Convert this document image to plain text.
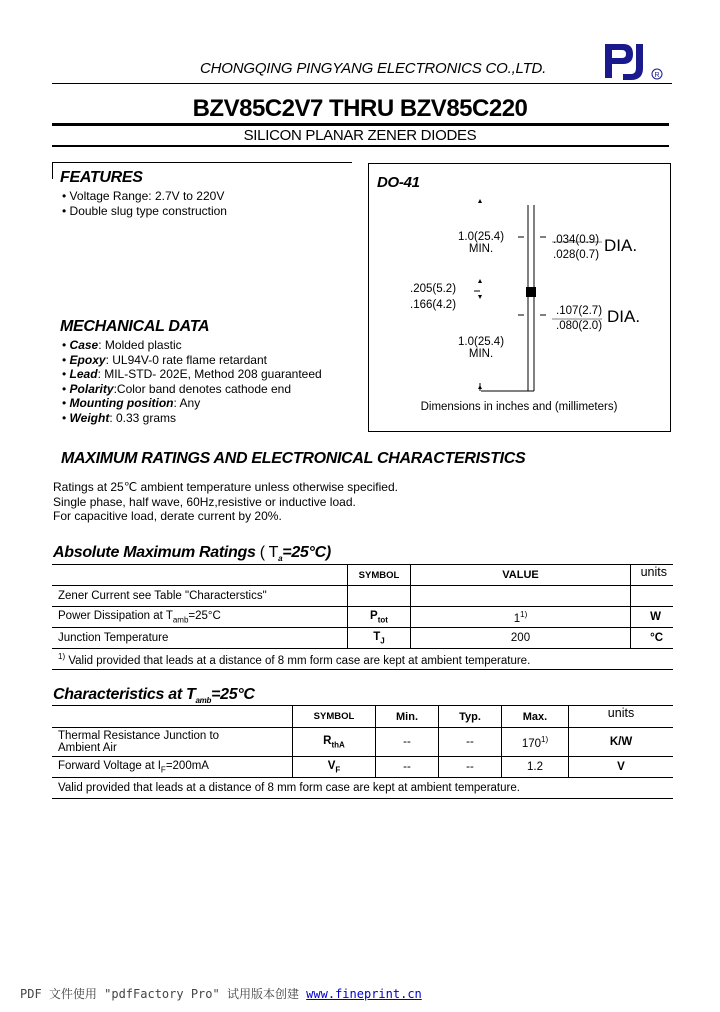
CHONGQING PINGYANG ELECTRONICS CO.,LTD.	R
BZV85C2V7 THRU BZV85C220
SILICON PLANAR ZENER DIODES
FEATURES
• Voltage Range: 2.7V to 220V
• Double slug type construction
MECHANICAL DATA
• Case: Molded plastic
• Epoxy: UL94V-0 rate flame retardant
• Lead: MIL-STD- 202E, Method 208 guaranteed
• Polarity:Color band denotes cathode end
• Mounting position: Any
• Weight: 0.33 grams
DO-41
1.0(25.4)
MIN.
.034(0.9)
.028(0.7) DIA.
.205(5.2)
.166(4.2)	.107(2.7)
.080(2.0) DIA.
1.0(25.4)
MIN.
Dimensions in inches and (millimeters)
MAXIMUM RATINGS AND ELECTRONICAL CHARACTERISTICS
Ratings at 25℃ ambient temperature unless otherwise specified.
Single phase, half wave, 60Hz,resistive or inductive load.
For capacitive load, derate current by 20%.
Absolute Maximum Ratings ( $T_a=25^\circ C$)
	SYMBOL	VALUE	units
Zener Current see Table "Characterstics"			
Power Dissipation at $T_{amb}=25^\circ C$	$P_{tot}$	1$^{1)}$	W
Junction Temperature	$T_J$	200	°C
$^{1)}$ Valid provided that leads at a distance of 8 mm form case are kept at ambient temperature.			
Characteristics at $T_{amb}=25^\circ C$
	SYMBOL	Min.	Typ.	Max.	units

Thermal Resistance Junction to
Ambient Air	$R_{thA}$	--	--	170$^{1)}$	K/W
Forward Voltage at $I_F=200mA$	$V_F$	--	--	1.2	V
Valid provided that leads at a distance of 8 mm form case are kept at ambient temperature.					
PDF 文件使用 "pdfFactory Pro" 试用版本创建 www.fineprint.cn
